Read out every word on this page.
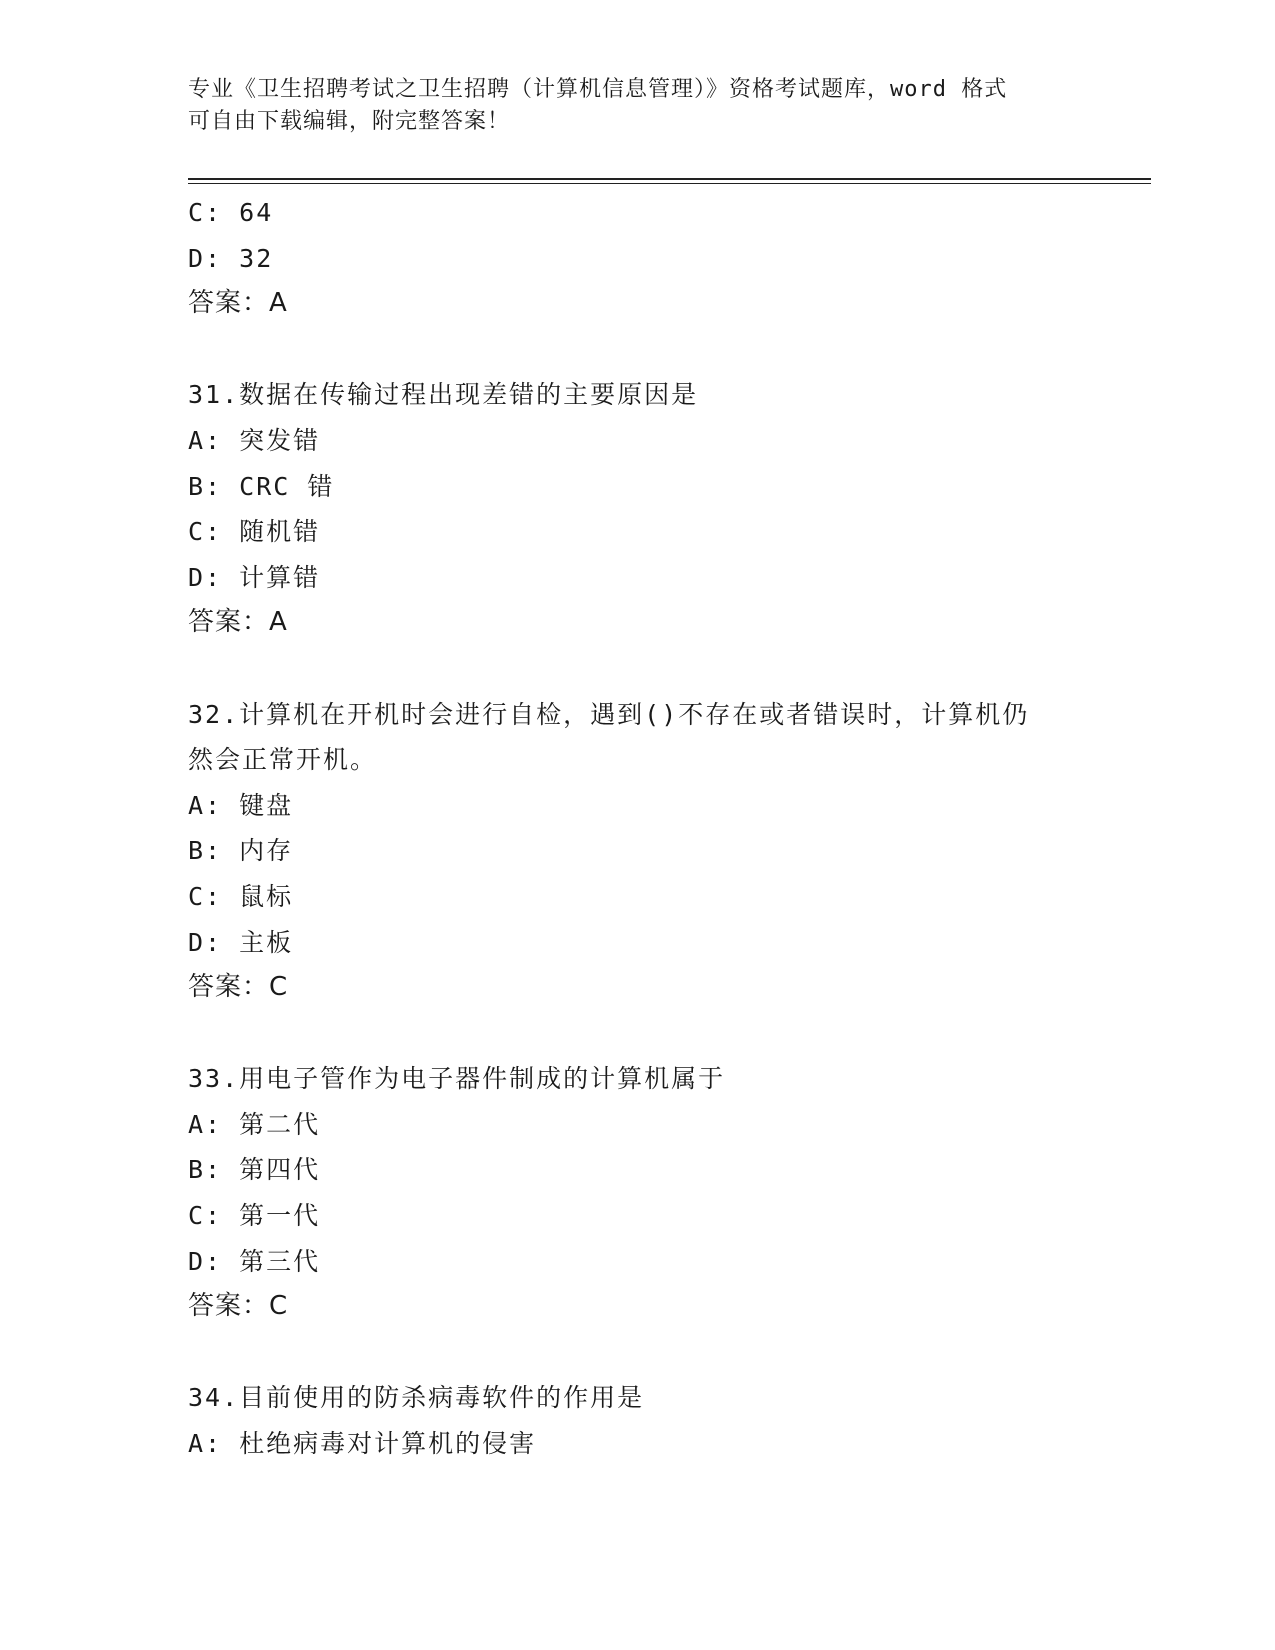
专业《卫生招聘考试之卫生招聘（计算机信息管理）》资格考试题库，word 格式
可自由下载编辑，附完整答案！
C: 64
D: 32
答案：A
31.数据在传输过程出现差错的主要原因是
A: 突发错
B: CRC 错
C: 随机错
D: 计算错
答案：A
32.计算机在开机时会进行自检，遇到()不存在或者错误时，计算机仍
然会正常开机。
A: 键盘
B: 内存
C: 鼠标
D: 主板
答案：C
33.用电子管作为电子器件制成的计算机属于
A: 第二代
B: 第四代
C: 第一代
D: 第三代
答案：C
34.目前使用的防杀病毒软件的作用是
A: 杜绝病毒对计算机的侵害
